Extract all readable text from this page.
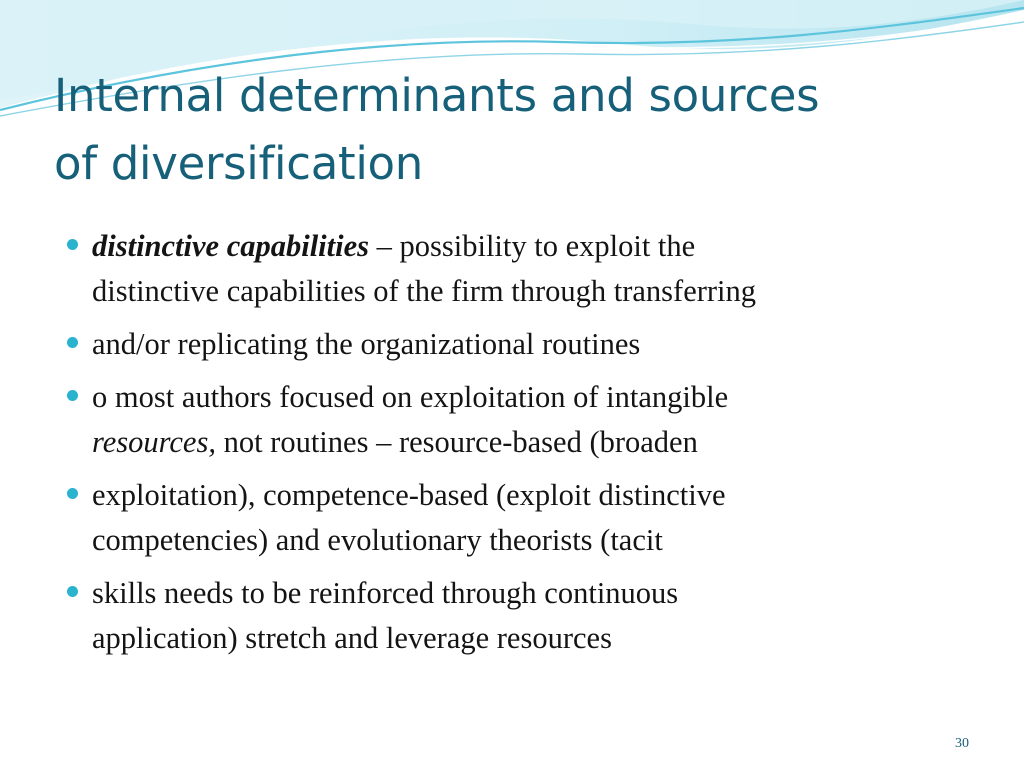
Internal determinants and sources
of diversification
distinctive capabilities – possibility to exploit the
distinctive capabilities of the firm through transferring
and/or replicating the organizational routines
o most authors focused on exploitation of intangible
resources, not routines – resource-based (broaden
exploitation), competence-based (exploit distinctive
competencies) and evolutionary theorists (tacit
skills needs to be reinforced through continuous
application) stretch and leverage resources
30
